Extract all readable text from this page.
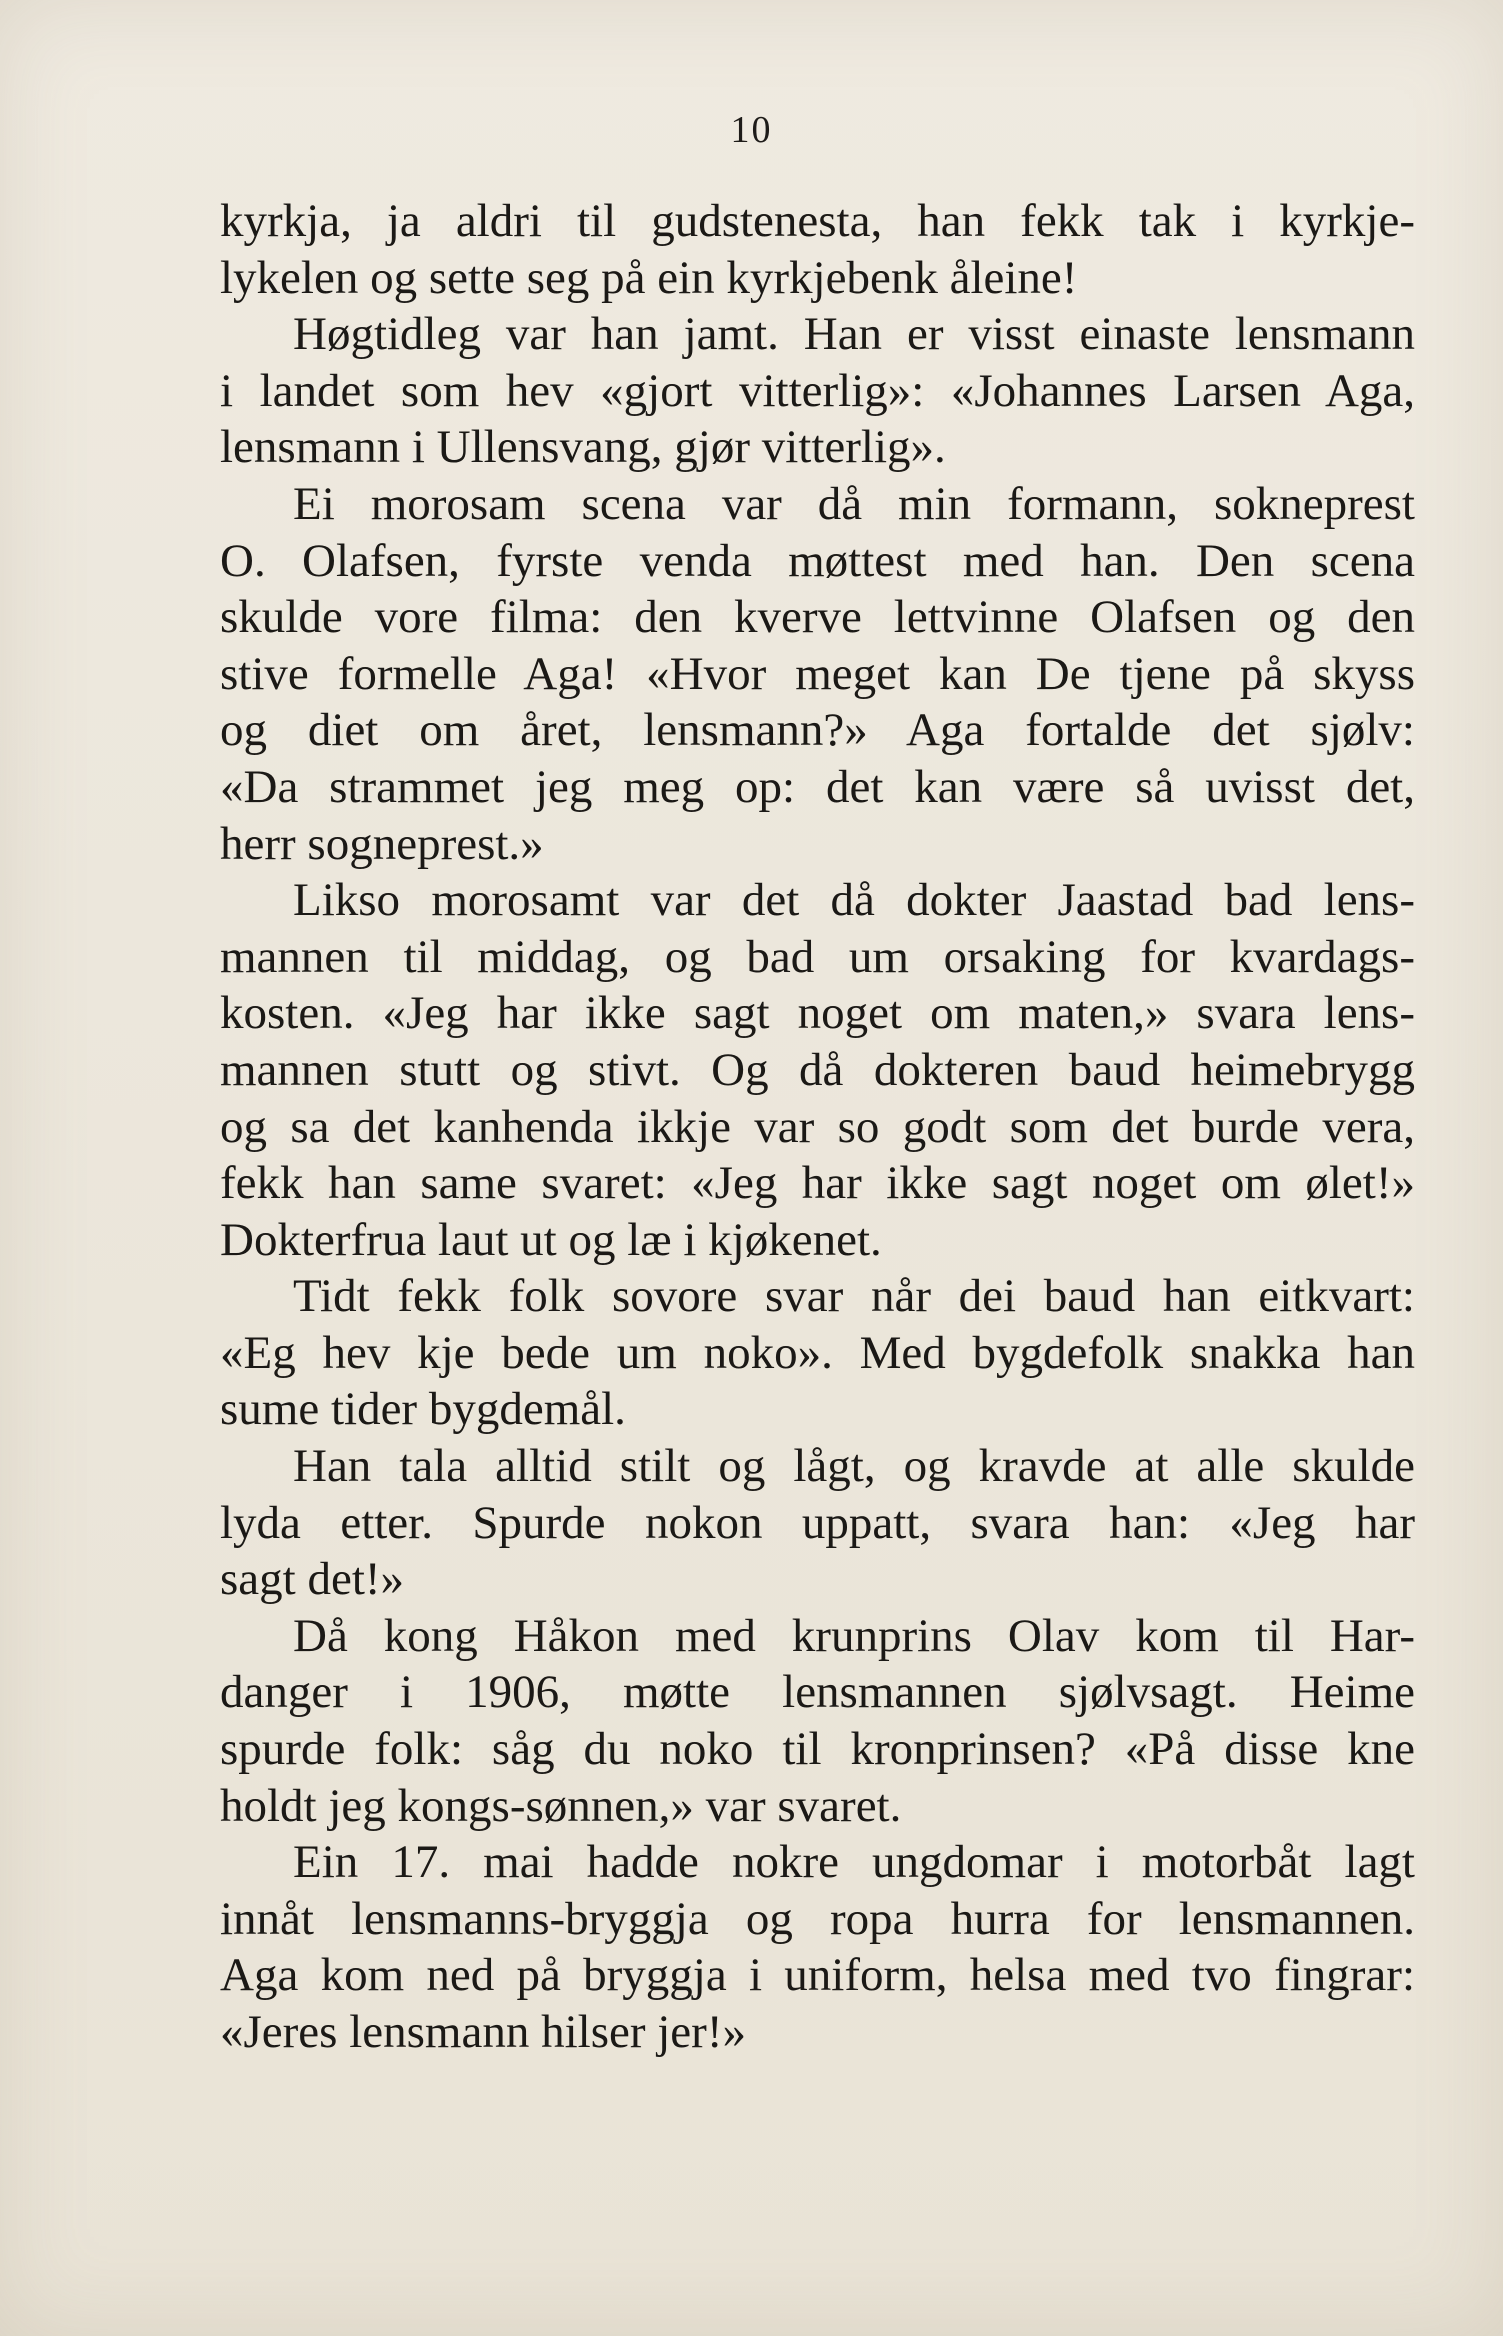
10
kyrkja, ja aldri til gudstenesta, han fekk tak i kyrkje-
lykelen og sette seg på ein kyrkjebenk åleine!
Høgtidleg var han jamt. Han er visst einaste lensmann
i landet som hev «gjort vitterlig»: «Johannes Larsen Aga,
lensmann i Ullensvang, gjør vitterlig».
Ei morosam scena var då min formann, sokneprest
O. Olafsen, fyrste venda møttest med han. Den scena
skulde vore filma: den kverve lettvinne Olafsen og den
stive formelle Aga! «Hvor meget kan De tjene på skyss
og diet om året, lensmann?» Aga fortalde det sjølv:
«Da strammet jeg meg op: det kan være så uvisst det,
herr sogneprest.»
Likso morosamt var det då dokter Jaastad bad lens-
mannen til middag, og bad um orsaking for kvardags-
kosten. «Jeg har ikke sagt noget om maten,» svara lens-
mannen stutt og stivt. Og då dokteren baud heimebrygg
og sa det kanhenda ikkje var so godt som det burde vera,
fekk han same svaret: «Jeg har ikke sagt noget om ølet!»
Dokterfrua laut ut og læ i kjøkenet.
Tidt fekk folk sovore svar når dei baud han eitkvart:
«Eg hev kje bede um noko». Med bygdefolk snakka han
sume tider bygdemål.
Han tala alltid stilt og lågt, og kravde at alle skulde
lyda etter. Spurde nokon uppatt, svara han: «Jeg har
sagt det!»
Då kong Håkon med krunprins Olav kom til Har-
danger i 1906, møtte lensmannen sjølvsagt. Heime
spurde folk: såg du noko til kronprinsen? «På disse kne
holdt jeg kongs-sønnen,» var svaret.
Ein 17. mai hadde nokre ungdomar i motorbåt lagt
innåt lensmanns-bryggja og ropa hurra for lensmannen.
Aga kom ned på bryggja i uniform, helsa med tvo fingrar:
«Jeres lensmann hilser jer!»
